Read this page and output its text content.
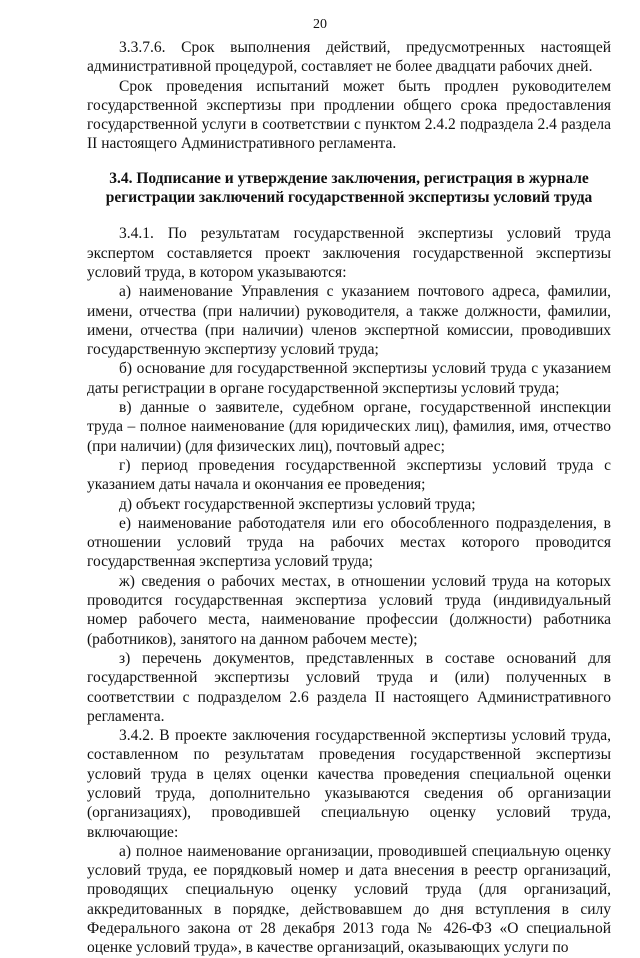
20

3.3.7.6. Срок выполнения действий, предусмотренных настоящей административной процедурой, составляет не более двадцати рабочих дней.

Срок проведения испытаний может быть продлен руководителем государственной экспертизы при продлении общего срока предоставления государственной услуги в соответствии с пунктом 2.4.2 подраздела 2.4 раздела II настоящего Административного регламента.

3.4. Подписание и утверждение заключения, регистрация в журнале
регистрации заключений государственной экспертизы условий труда

3.4.1. По результатам государственной экспертизы условий труда экспертом составляется проект заключения государственной экспертизы условий труда, в котором указываются:

а) наименование Управления с указанием почтового адреса, фамилии, имени, отчества (при наличии) руководителя, а также должности, фамилии, имени, отчества (при наличии) членов экспертной комиссии, проводивших государственную экспертизу условий труда;

б) основание для государственной экспертизы условий труда с указанием даты регистрации в органе государственной экспертизы условий труда;

в) данные о заявителе, судебном органе, государственной инспекции труда – полное наименование (для юридических лиц), фамилия, имя, отчество (при наличии) (для физических лиц), почтовый адрес;

г) период проведения государственной экспертизы условий труда с указанием даты начала и окончания ее проведения;

д) объект государственной экспертизы условий труда;

е) наименование работодателя или его обособленного подразделения, в отношении условий труда на рабочих местах которого проводится государственная экспертиза условий труда;

ж) сведения о рабочих местах, в отношении условий труда на которых проводится государственная экспертиза условий труда (индивидуальный номер рабочего места, наименование профессии (должности) работника (работников), занятого на данном рабочем месте);

з) перечень документов, представленных в составе оснований для государственной экспертизы условий труда и (или) полученных в соответствии с подразделом 2.6 раздела II настоящего Административного регламента.

3.4.2. В проекте заключения государственной экспертизы условий труда, составленном по результатам проведения государственной экспертизы условий труда в целях оценки качества проведения специальной оценки условий труда, дополнительно указываются сведения об организации (организациях), проводившей специальную оценку условий труда, включающие:

а) полное наименование организации, проводившей специальную оценку условий труда, ее порядковый номер и дата внесения в реестр организаций, проводящих специальную оценку условий труда (для организаций, аккредитованных в порядке, действовавшем до дня вступления в силу Федерального закона от 28 декабря 2013 года № 426-ФЗ «О специальной оценке условий труда», в качестве организаций, оказывающих услуги по
